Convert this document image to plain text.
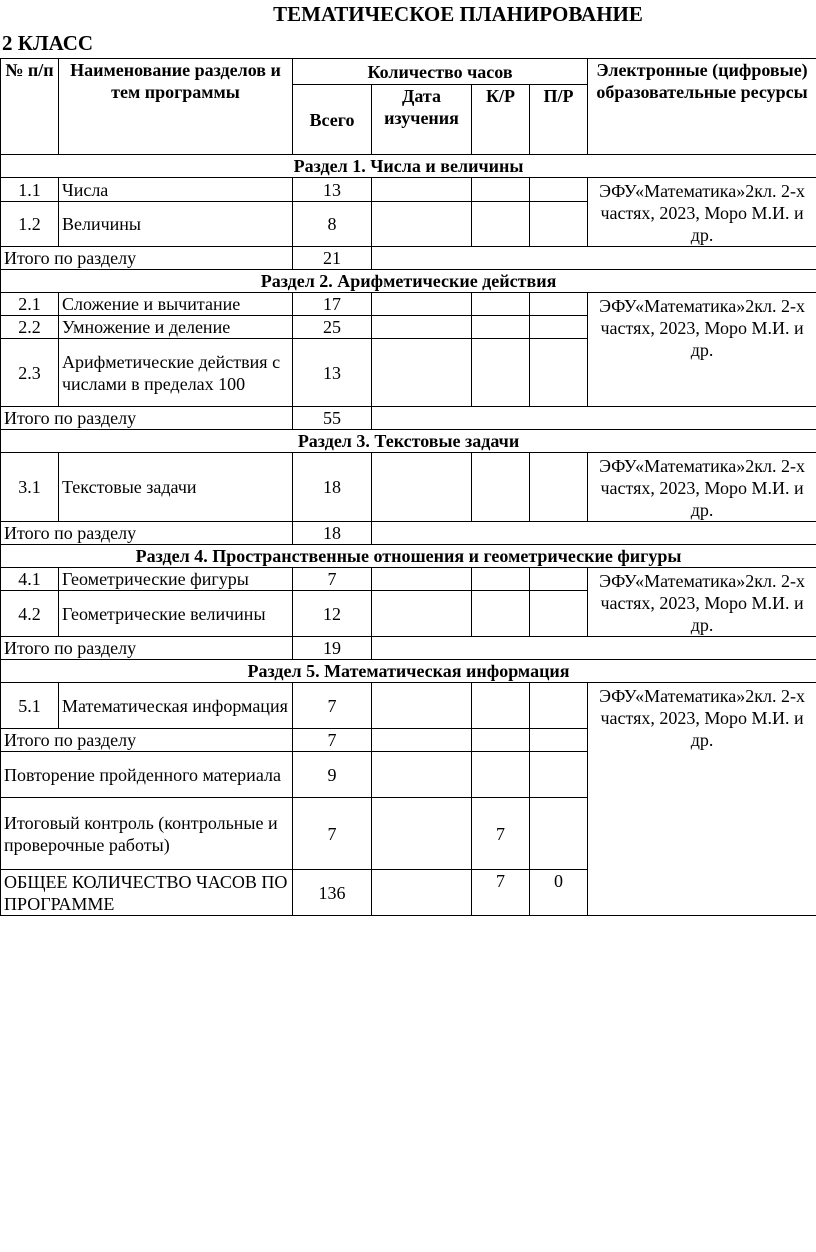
ТЕМАТИЧЕСКОЕ ПЛАНИРОВАНИЕ
2 КЛАСС
№ п/п	Наименование разделов и тем программы	Количество часов				Электронные (цифровые) образовательные ресурсы
		Всего	Дата изучения	К/Р	П/Р	
Раздел 1. Числа и величины						
1.1	Числа	13				ЭФУ«Математика»2кл. 2-х частях, 2023, Моро М.И. и др.
1.2	Величины	8				
Итого по разделу		21				
Раздел 2. Арифметические действия						
2.1	Сложение и вычитание	17				ЭФУ«Математика»2кл. 2-х частях, 2023, Моро М.И. и др.
2.2	Умножение и деление	25				
2.3	Арифметические действия с числами в пределах 100	13				
Итого по разделу		55				
Раздел 3. Текстовые задачи						
3.1	Текстовые задачи	18				ЭФУ«Математика»2кл. 2-х частях, 2023, Моро М.И. и др.
Итого по разделу		18				
Раздел 4. Пространственные отношения и геометрические фигуры						
4.1	Геометрические фигуры	7				ЭФУ«Математика»2кл. 2-х частях, 2023, Моро М.И. и др.
4.2	Геометрические величины	12				
Итого по разделу		19				
Раздел 5. Математическая информация						
5.1	Математическая информация	7				ЭФУ«Математика»2кл. 2-х частях, 2023, Моро М.И. и др.
Итого по разделу		7				
Повторение пройденного материала		9				
Итоговый контроль (контрольные и проверочные работы)		7		7		
ОБЩЕЕ КОЛИЧЕСТВО ЧАСОВ ПО ПРОГРАММЕ		136		7	0	
